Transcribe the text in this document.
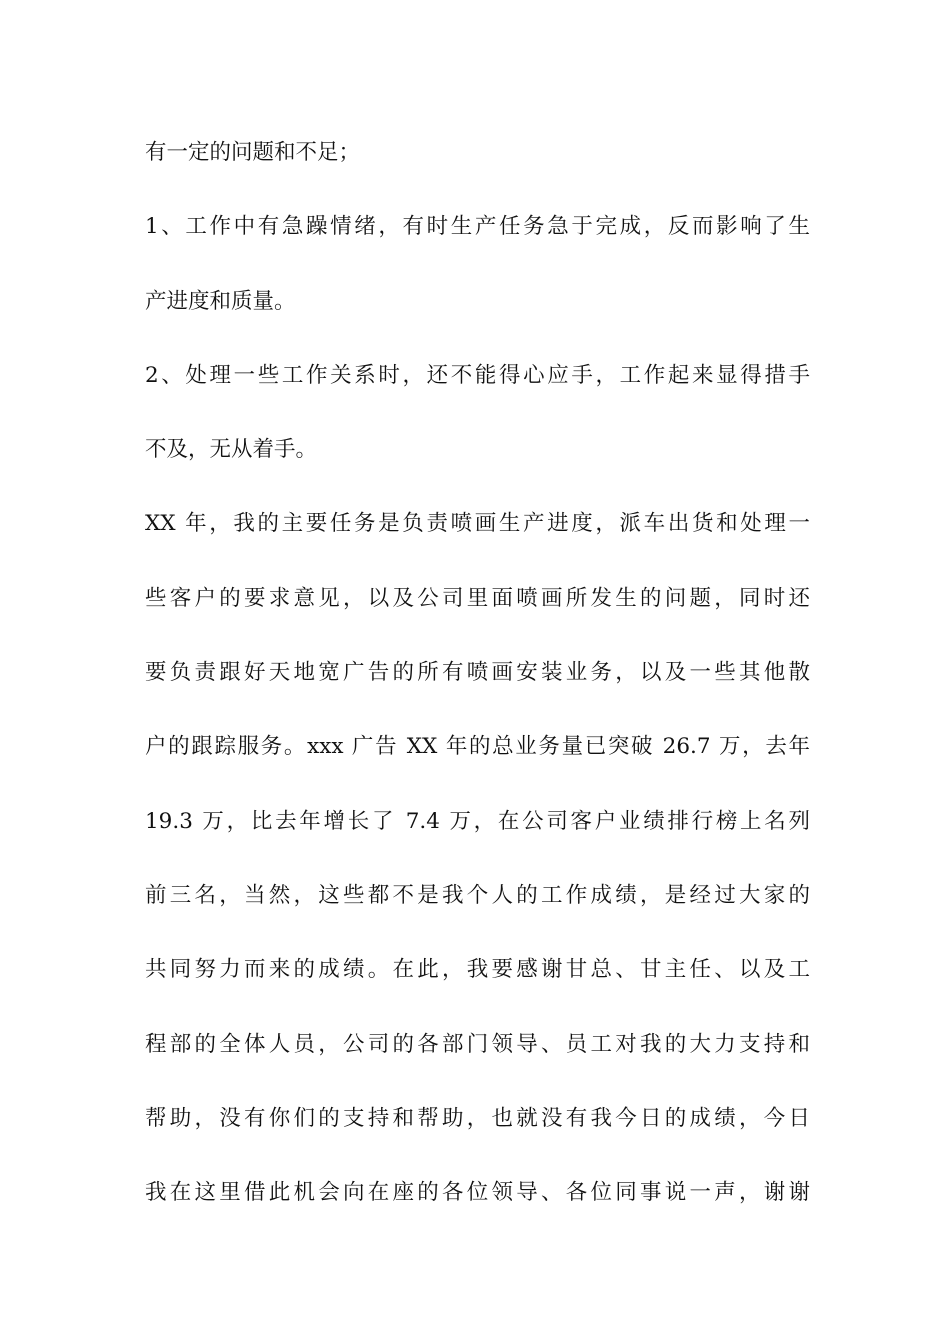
有一定的问题和不足；
1、工作中有急躁情绪，有时生产任务急于完成，反而影响了生
产进度和质量。
2、处理一些工作关系时，还不能得心应手，工作起来显得措手
不及，无从着手。
XX 年，我的主要任务是负责喷画生产进度，派车出货和处理一
些客户的要求意见，以及公司里面喷画所发生的问题，同时还
要负责跟好天地宽广告的所有喷画安装业务，以及一些其他散
户的跟踪服务。xxx 广告 XX 年的总业务量已突破 26.7 万，去年
19.3 万，比去年增长了 7.4 万，在公司客户业绩排行榜上名列
前三名，当然，这些都不是我个人的工作成绩，是经过大家的
共同努力而来的成绩。在此，我要感谢甘总、甘主任、以及工
程部的全体人员，公司的各部门领导、员工对我的大力支持和
帮助，没有你们的支持和帮助，也就没有我今日的成绩，今日
我在这里借此机会向在座的各位领导、各位同事说一声，谢谢
